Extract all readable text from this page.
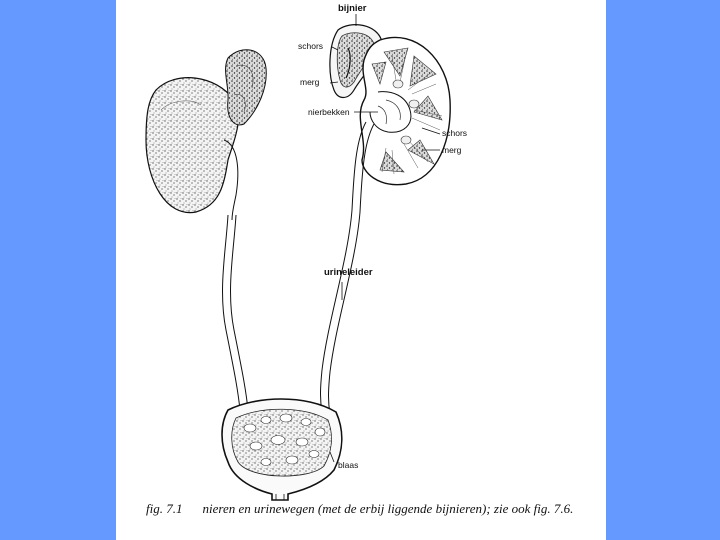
bijnier
schors
merg
nierbekken
schors
merg
urineleider
blaas
fig. 7.1 nieren en urinewegen (met de erbij liggende bijnieren); zie ook fig. 7.6.
